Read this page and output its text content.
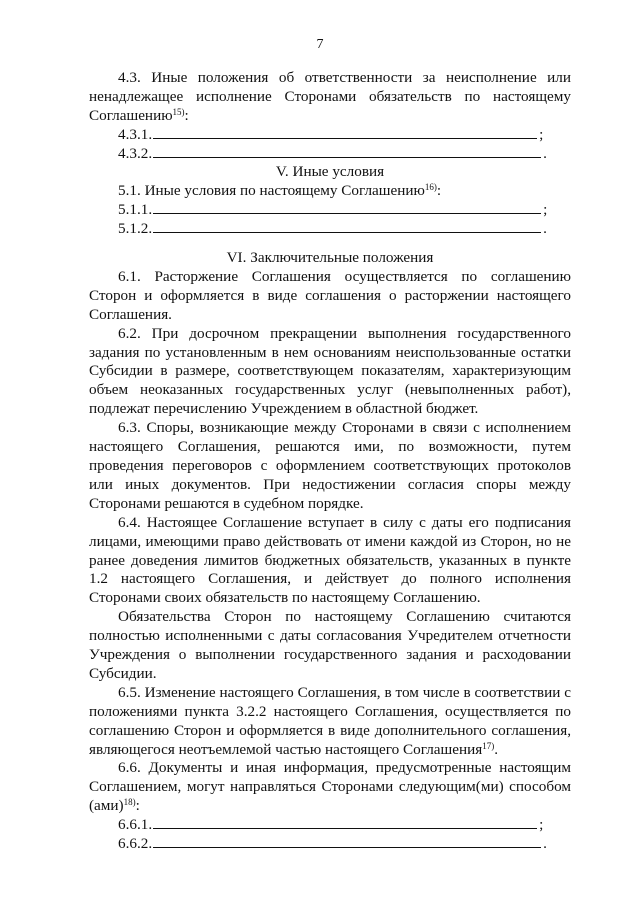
7

4.3. Иные положения об ответственности за неисполнение или

ненадлежащее исполнение Сторонами обязательств по настоящему

Соглашению$^{15)}$:

4.3.1.	;
4.3.2.	.

V. Иные условия

5.1. Иные условия по настоящему Соглашению$^{16)}$:

5.1.1.	;
5.1.2.	.

VI. Заключительные положения

6.1. Расторжение Соглашения осуществляется по соглашению Сторон и оформляется в виде соглашения о расторжении настоящего Соглашения.

6.2. При досрочном прекращении выполнения государственного задания по установленным в нем основаниям неиспользованные остатки Субсидии в размере, соответствующем показателям, характеризующим объем неоказанных государственных услуг (невыполненных работ), подлежат перечислению Учреждением в областной бюджет.

6.3. Споры, возникающие между Сторонами в связи с исполнением настоящего Соглашения, решаются ими, по возможности, путем проведения переговоров с оформлением соответствующих протоколов или иных документов. При недостижении согласия споры между Сторонами решаются в судебном порядке.

6.4. Настоящее Соглашение вступает в силу с даты его подписания лицами, имеющими право действовать от имени каждой из Сторон, но не ранее доведения лимитов бюджетных обязательств, указанных в пункте 1.2 настоящего Соглашения, и действует до полного исполнения Сторонами своих обязательств по настоящему Соглашению.

Обязательства Сторон по настоящему Соглашению считаются полностью исполненными с даты согласования Учредителем отчетности Учреждения о выполнении государственного задания и расходовании Субсидии.

6.5. Изменение настоящего Соглашения, в том числе в соответствии с положениями пункта 3.2.2 настоящего Соглашения, осуществляется по соглашению Сторон и оформляется в виде дополнительного соглашения, являющегося неотъемлемой частью настоящего Соглашения$^{17)}$.

6.6. Документы и иная информация, предусмотренные настоящим Соглашением, могут направляться Сторонами следующим(ми) способом (ами)$^{18)}$:

6.6.1.	;
6.6.2.	.
